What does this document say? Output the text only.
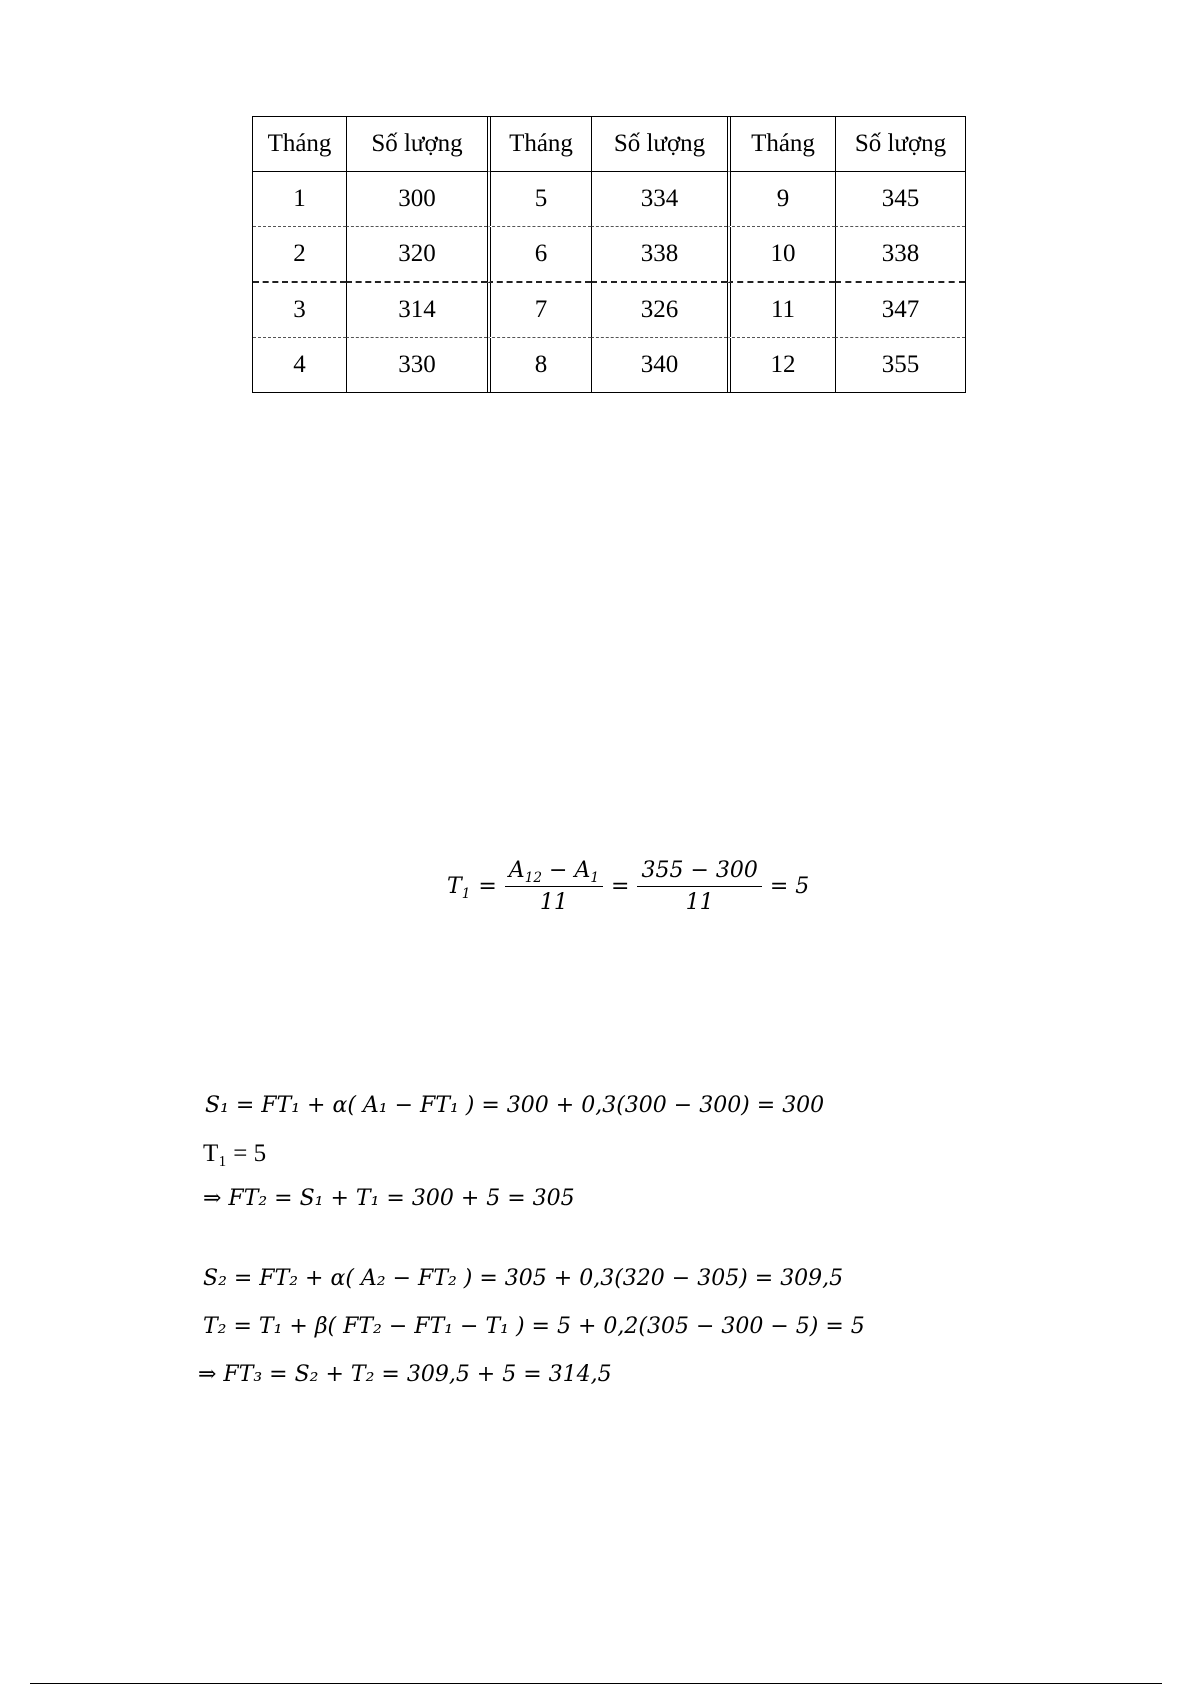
Tháng	Số lượng	Tháng	Số lượng	Tháng	Số lượng
1	300	5	334	9	345
2	320	6	338	10	338
3	314	7	326	11	347
4	330	8	340	12	355
$T_1 = \frac{A_{12} - A_1}{11} = \frac{355 - 300}{11} = 5$
S₁ = FT₁ + α( A₁ − FT₁ ) = 300 + 0,3(300 − 300) = 300
T₁ = 5
⇒ FT₂ = S₁ + T₁ = 300 + 5 = 305
S₂ = FT₂ + α( A₂ − FT₂ ) = 305 + 0,3(320 − 305) = 309,5
T₂ = T₁ + β( FT₂ − FT₁ − T₁ ) = 5 + 0,2(305 − 300 − 5) = 5
⇒ FT₃ = S₂ + T₂ = 309,5 + 5 = 314,5
